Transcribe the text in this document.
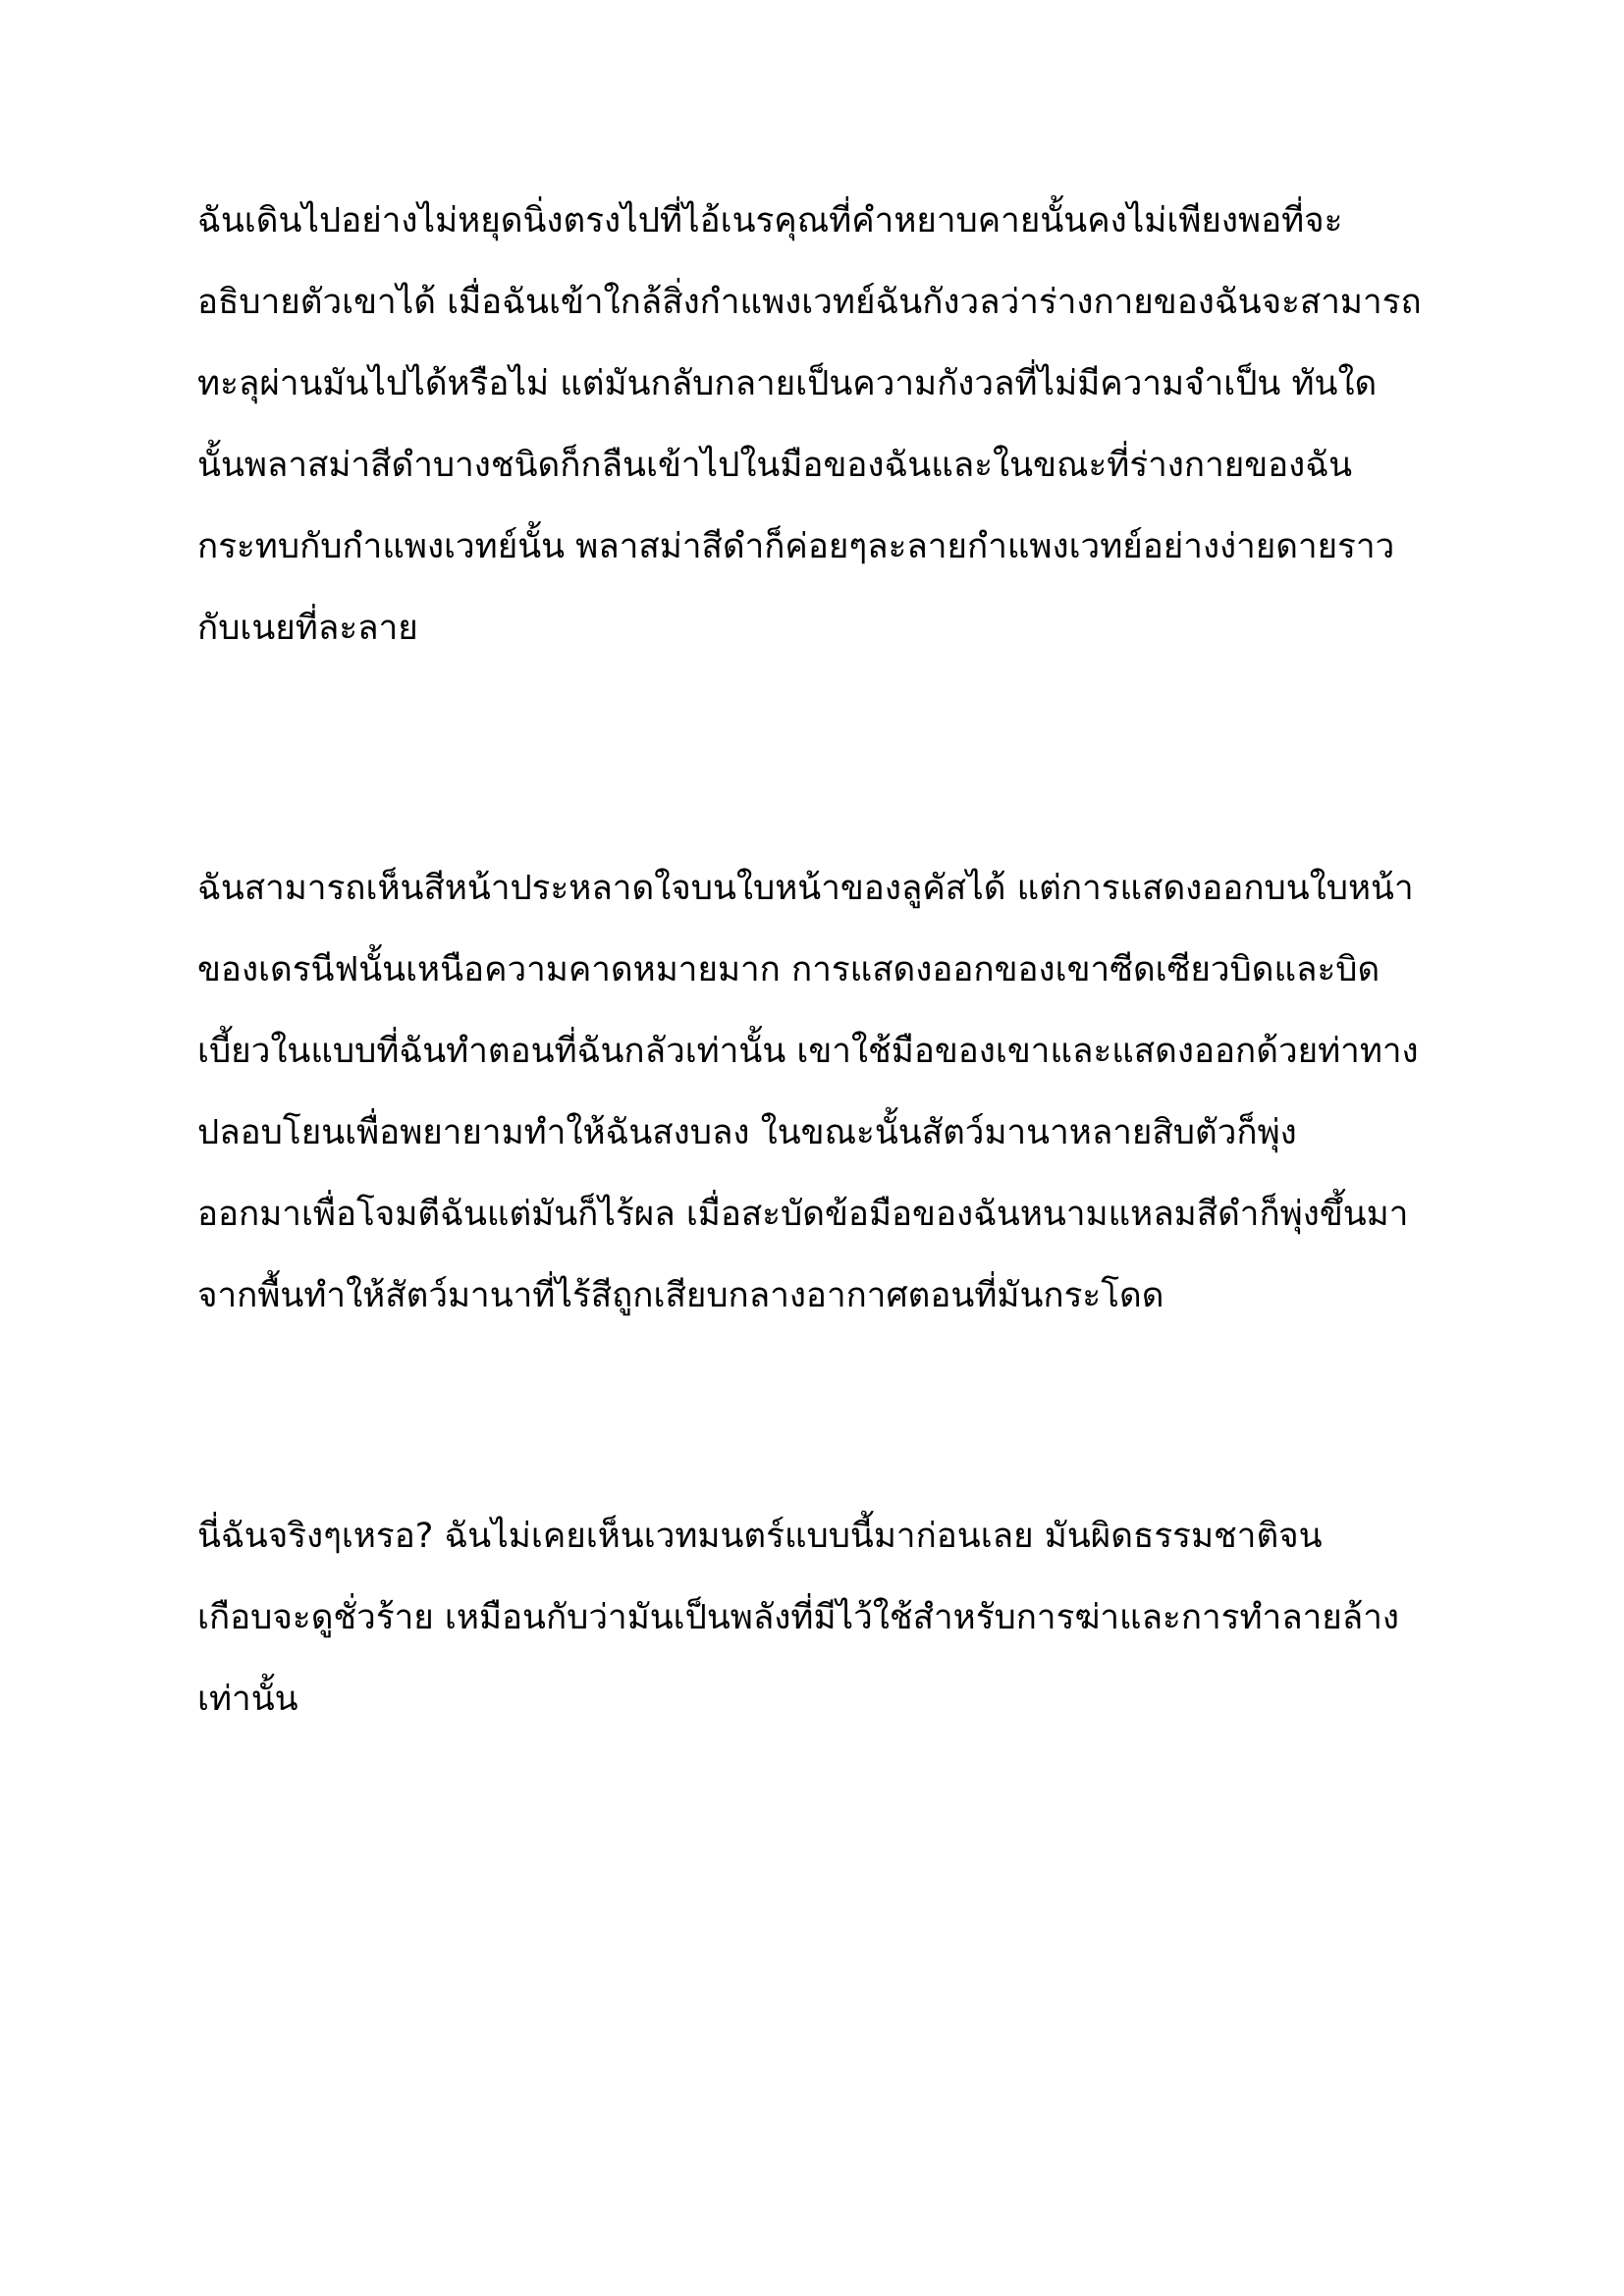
ฉันเดินไปอย่างไม่หยุดนิ่งตรงไปที่ไอ้เนรคุณที่คำหยาบคายนั้นคงไม่เพียงพอที่จะ
อธิบายตัวเขาได้ เมื่อฉันเข้าใกล้สิ่งกำแพงเวทย์ฉันกังวลว่าร่างกายของฉันจะสามารถ
ทะลุผ่านมันไปได้หรือไม่ แต่มันกลับกลายเป็นความกังวลที่ไม่มีความจำเป็น ทันใด
นั้นพลาสม่าสีดำบางชนิดก็กลืนเข้าไปในมือของฉันและในขณะที่ร่างกายของฉัน
กระทบกับกำแพงเวทย์นั้น พลาสม่าสีดำก็ค่อยๆละลายกำแพงเวทย์อย่างง่ายดายราว
กับเนยที่ละลาย
ฉันสามารถเห็นสีหน้าประหลาดใจบนใบหน้าของลูคัสได้ แต่การแสดงออกบนใบหน้า
ของเดรนีฟนั้นเหนือความคาดหมายมาก การแสดงออกของเขาซีดเซียวบิดและบิด
เบี้ยวในแบบที่ฉันทำตอนที่ฉันกลัวเท่านั้น เขาใช้มือของเขาและแสดงออกด้วยท่าทาง
ปลอบโยนเพื่อพยายามทำให้ฉันสงบลง ในขณะนั้นสัตว์มานาหลายสิบตัวก็พุ่ง
ออกมาเพื่อโจมตีฉันแต่มันก็ไร้ผล เมื่อสะบัดข้อมือของฉันหนามแหลมสีดำก็พุ่งขึ้นมา
จากพื้นทำให้สัตว์มานาที่ไร้สีถูกเสียบกลางอากาศตอนที่มันกระโดด
นี่ฉันจริงๆเหรอ? ฉันไม่เคยเห็นเวทมนตร์แบบนี้มาก่อนเลย มันผิดธรรมชาติจน
เกือบจะดูชั่วร้าย เหมือนกับว่ามันเป็นพลังที่มีไว้ใช้สำหรับการฆ่าและการทำลายล้าง
เท่านั้น
